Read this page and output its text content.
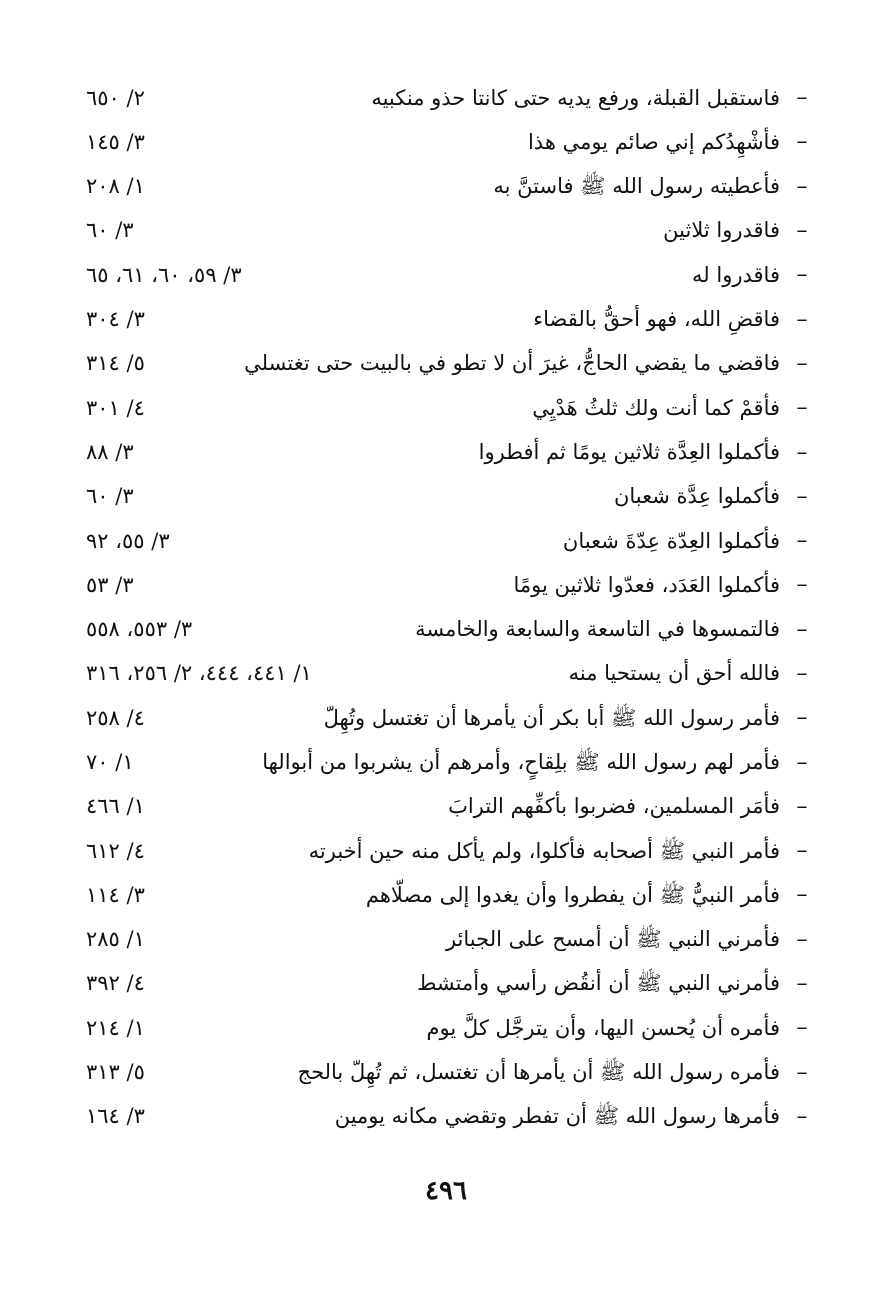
–
فاستقبل القبلة، ورفع يديه حتى كانتا حذو منكبيه
٢/ ٦٥٠
–
فأشْهِدُكم إني صائم يومي هذا
٣/ ١٤٥
–
فأعطيته رسول الله ﷺ فاستنَّ به
١/ ٢٠٨
–
فاقدروا ثلاثين
٣/ ٦٠
–
فاقدروا له
٣/ ٥٩، ٦٠، ٦١، ٦٥
–
فاقضِ الله، فهو أحقُّ بالقضاء
٣/ ٣٠٤
–
فاقضي ما يقضي الحاجُّ، غيرَ أن لا تطو في بالبيت حتى تغتسلي
٥/ ٣١٤
–
فأقمْ كما أنت ولك ثلثُ هَدْيِي
٤/ ٣٠١
–
فأكملوا العِدَّة ثلاثين يومًا ثم أفطروا
٣/ ٨٨
–
فأكملوا عِدَّة شعبان
٣/ ٦٠
–
فأكملوا العِدّة عِدّةَ شعبان
٣/ ٥٥، ٩٢
–
فأكملوا العَدَد، فعدّوا ثلاثين يومًا
٣/ ٥٣
–
فالتمسوها في التاسعة والسابعة والخامسة
٣/ ٥٥٣، ٥٥٨
–
فالله أحق أن يستحيا منه
١/ ٤٤١، ٤٤٤، ٢/ ٢٥٦، ٣١٦
–
فأمر رسول الله ﷺ أبا بكر أن يأمرها أن تغتسل وتُهِلّ
٤/ ٢٥٨
–
فأمر لهم رسول الله ﷺ بلِقاحٍ، وأمرهم أن يشربوا من أبوالها
١/ ٧٠
–
فأمَر المسلمين، فضربوا بأكفِّهم الترابَ
١/ ٤٦٦
–
فأمر النبي ﷺ أصحابه فأكلوا، ولم يأكل منه حين أخبرته
٤/ ٦١٢
–
فأمر النبيُّ ﷺ أن يفطروا وأن يغدوا إلى مصلّاهم
٣/ ١١٤
–
فأمرني النبي ﷺ أن أمسح على الجبائر
١/ ٢٨٥
–
فأمرني النبي ﷺ أن أنقُض رأسي وأمتشط
٤/ ٣٩٢
–
فأمره أن يُحسن اليها، وأن يترجَّل كلَّ يوم
١/ ٢١٤
–
فأمره رسول الله ﷺ أن يأمرها أن تغتسل، ثم تُهِلّ بالحج
٥/ ٣١٣
–
فأمرها رسول الله ﷺ أن تفطر وتقضي مكانه يومين
٣/ ١٦٤
٤٩٦
